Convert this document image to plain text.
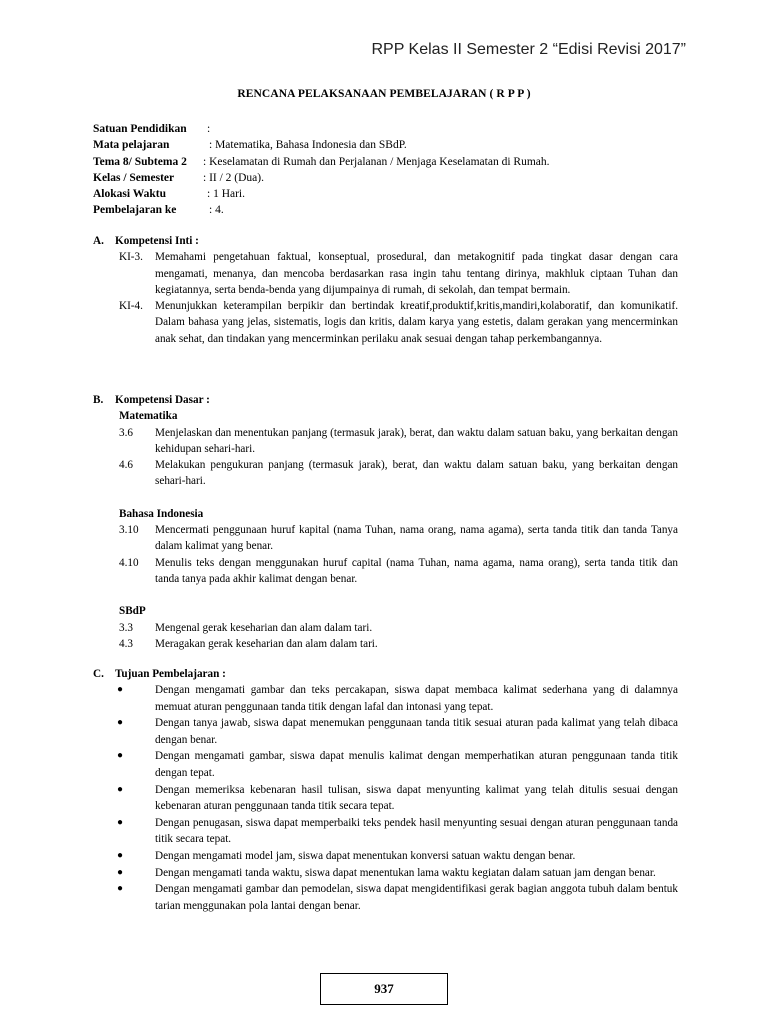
RPP Kelas II Semester 2 “Edisi Revisi 2017”
RENCANA PELAKSANAAN PEMBELAJARAN ( R P P )
Satuan Pendidikan :
Mata pelajaran	: Matematika, Bahasa Indonesia dan SBdP.
Tema 8/ Subtema 2 : Keselamatan di Rumah dan Perjalanan / Menjaga Keselamatan di Rumah.
Kelas / Semester	: II / 2 (Dua).
Alokasi Waktu	: 1 Hari.
Pembelajaran ke	: 4.
A. Kompetensi Inti :
KI-3. Memahami pengetahuan faktual, konseptual, prosedural, dan metakognitif pada tingkat dasar dengan cara mengamati, menanya, dan mencoba berdasarkan rasa ingin tahu tentang dirinya, makhluk ciptaan Tuhan dan kegiatannya, serta benda-benda yang dijumpainya di rumah, di sekolah, dan tempat bermain.
KI-4. Menunjukkan keterampilan berpikir dan bertindak kreatif,produktif,kritis,mandiri,kolaboratif, dan komunikatif. Dalam bahasa yang jelas, sistematis, logis dan kritis, dalam karya yang estetis, dalam gerakan yang mencerminkan anak sehat, dan tindakan yang mencerminkan perilaku anak sesuai dengan tahap perkembangannya.
B. Kompetensi Dasar :
Matematika
3.6 Menjelaskan dan menentukan panjang (termasuk jarak), berat, dan waktu dalam satuan baku, yang berkaitan dengan kehidupan sehari-hari.
4.6 Melakukan pengukuran panjang (termasuk jarak), berat, dan waktu dalam satuan baku, yang berkaitan dengan sehari-hari.
Bahasa Indonesia
3.10 Mencermati penggunaan huruf kapital (nama Tuhan, nama orang, nama agama), serta tanda titik dan tanda Tanya dalam kalimat yang benar.
4.10 Menulis teks dengan menggunakan huruf capital (nama Tuhan, nama agama, nama orang), serta tanda titik dan tanda tanya pada akhir kalimat dengan benar.
SBdP
3.3 Mengenal gerak keseharian dan alam dalam tari.
4.3 Meragakan gerak keseharian dan alam dalam tari.
C. Tujuan Pembelajaran :
●	Dengan mengamati gambar dan teks percakapan, siswa dapat membaca kalimat sederhana yang di dalamnya memuat aturan penggunaan tanda titik dengan lafal dan intonasi yang tepat.
●	Dengan tanya jawab, siswa dapat menemukan penggunaan tanda titik sesuai aturan pada kalimat yang telah dibaca dengan benar.
●	Dengan mengamati gambar, siswa dapat menulis kalimat dengan memperhatikan aturan penggunaan tanda titik dengan tepat.
●	Dengan memeriksa kebenaran hasil tulisan, siswa dapat menyunting kalimat yang telah ditulis sesuai dengan kebenaran aturan penggunaan tanda titik secara tepat.
●	Dengan penugasan, siswa dapat memperbaiki teks pendek hasil menyunting sesuai dengan aturan penggunaan tanda titik secara tepat.
●	Dengan mengamati model jam, siswa dapat menentukan konversi satuan waktu dengan benar.
●	Dengan mengamati tanda waktu, siswa dapat menentukan lama waktu kegiatan dalam satuan jam dengan benar.
●	Dengan mengamati gambar dan pemodelan, siswa dapat mengidentifikasi gerak bagian anggota tubuh dalam bentuk tarian menggunakan pola lantai dengan benar.
937
